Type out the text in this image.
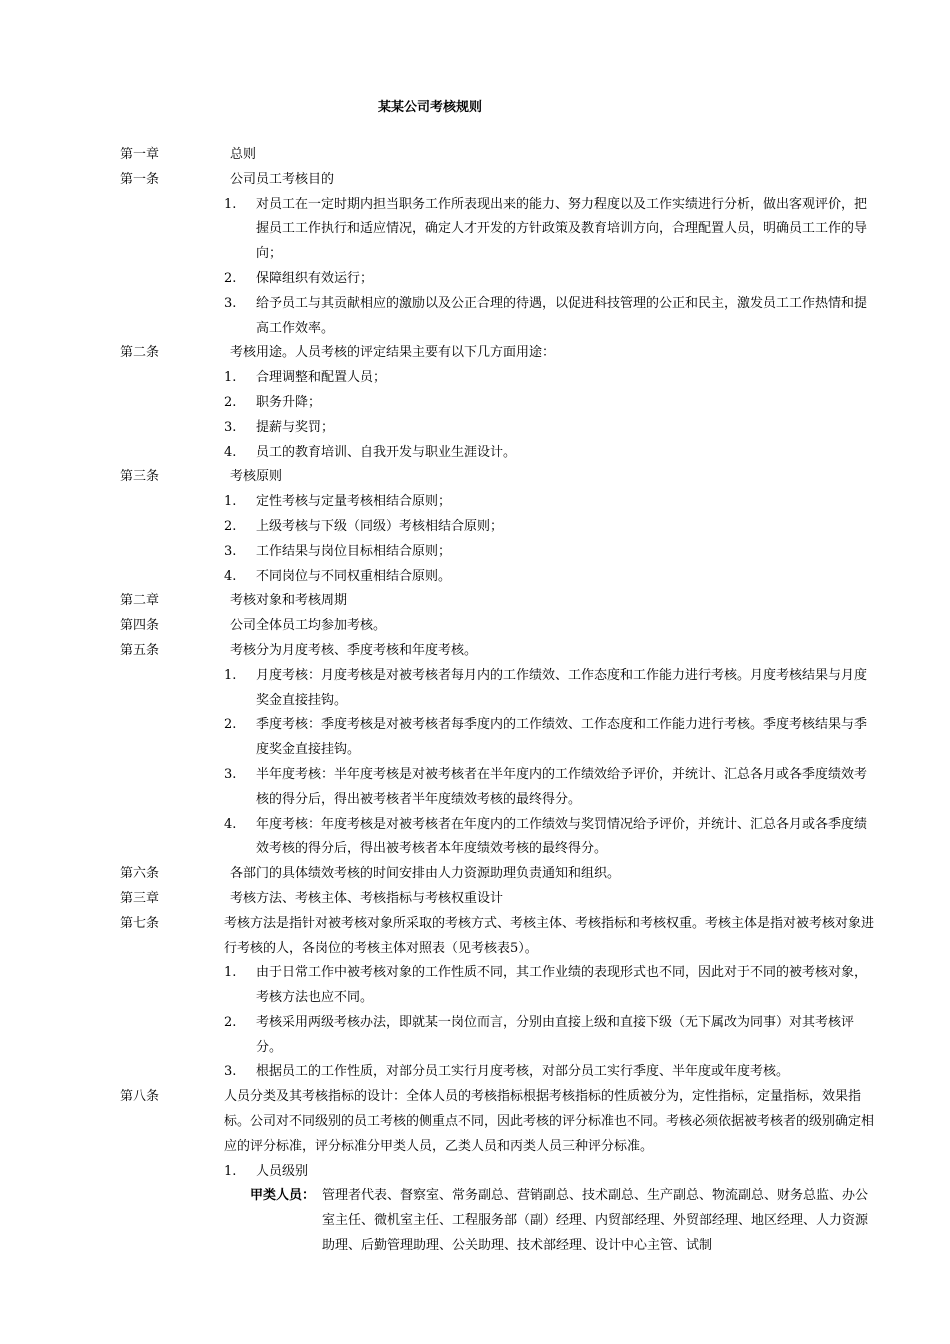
某某公司考核规则
第一章	总则
第一条	公司员工考核目的
1. 对员工在一定时期内担当职务工作所表现出来的能力、努力程度以及工作实绩进行分析，做出客观评价，把握员工工作执行和适应情况，确定人才开发的方针政策及教育培训方向，合理配置人员，明确员工工作的导向；
2. 保障组织有效运行；
3. 给予员工与其贡献相应的激励以及公正合理的待遇，以促进科技管理的公正和民主，激发员工工作热情和提高工作效率。
第二条	考核用途。人员考核的评定结果主要有以下几方面用途：
1. 合理调整和配置人员；
2. 职务升降；
3. 提薪与奖罚；
4. 员工的教育培训、自我开发与职业生涯设计。
第三条	考核原则
1. 定性考核与定量考核相结合原则；
2. 上级考核与下级（同级）考核相结合原则；
3. 工作结果与岗位目标相结合原则；
4. 不同岗位与不同权重相结合原则。
第二章	考核对象和考核周期
第四条	公司全体员工均参加考核。
第五条	考核分为月度考核、季度考核和年度考核。
1. 月度考核：月度考核是对被考核者每月内的工作绩效、工作态度和工作能力进行考核。月度考核结果与月度奖金直接挂钩。
2. 季度考核：季度考核是对被考核者每季度内的工作绩效、工作态度和工作能力进行考核。季度考核结果与季度奖金直接挂钩。
3. 半年度考核：半年度考核是对被考核者在半年度内的工作绩效给予评价，并统计、汇总各月或各季度绩效考核的得分后，得出被考核者半年度绩效考核的最终得分。
4. 年度考核：年度考核是对被考核者在年度内的工作绩效与奖罚情况给予评价，并统计、汇总各月或各季度绩效考核的得分后，得出被考核者本年度绩效考核的最终得分。
第六条	各部门的具体绩效考核的时间安排由人力资源助理负责通知和组织。
第三章	考核方法、考核主体、考核指标与考核权重设计
第七条	考核方法是指针对被考核对象所采取的考核方式、考核主体、考核指标和考核权重。考核主体是指对被考核对象进行考核的人，各岗位的考核主体对照表（见考核表5）。
1. 由于日常工作中被考核对象的工作性质不同，其工作业绩的表现形式也不同，因此对于不同的被考核对象，考核方法也应不同。
2. 考核采用两级考核办法，即就某一岗位而言，分别由直接上级和直接下级（无下属改为同事）对其考核评分。
3. 根据员工的工作性质，对部分员工实行月度考核，对部分员工实行季度、半年度或年度考核。
第八条	人员分类及其考核指标的设计：全体人员的考核指标根据考核指标的性质被分为，定性指标，定量指标，效果指标。公司对不同级别的员工考核的侧重点不同，因此考核的评分标准也不同。考核必须依据被考核者的级别确定相应的评分标准，评分标准分甲类人员，乙类人员和丙类人员三种评分标准。
1. 人员级别
甲类人员： 管理者代表、督察室、常务副总、营销副总、技术副总、生产副总、物流副总、财务总监、办公室主任、微机室主任、工程服务部（副）经理、内贸部经理、外贸部经理、地区经理、人力资源助理、后勤管理助理、公关助理、技术部经理、设计中心主管、试制
